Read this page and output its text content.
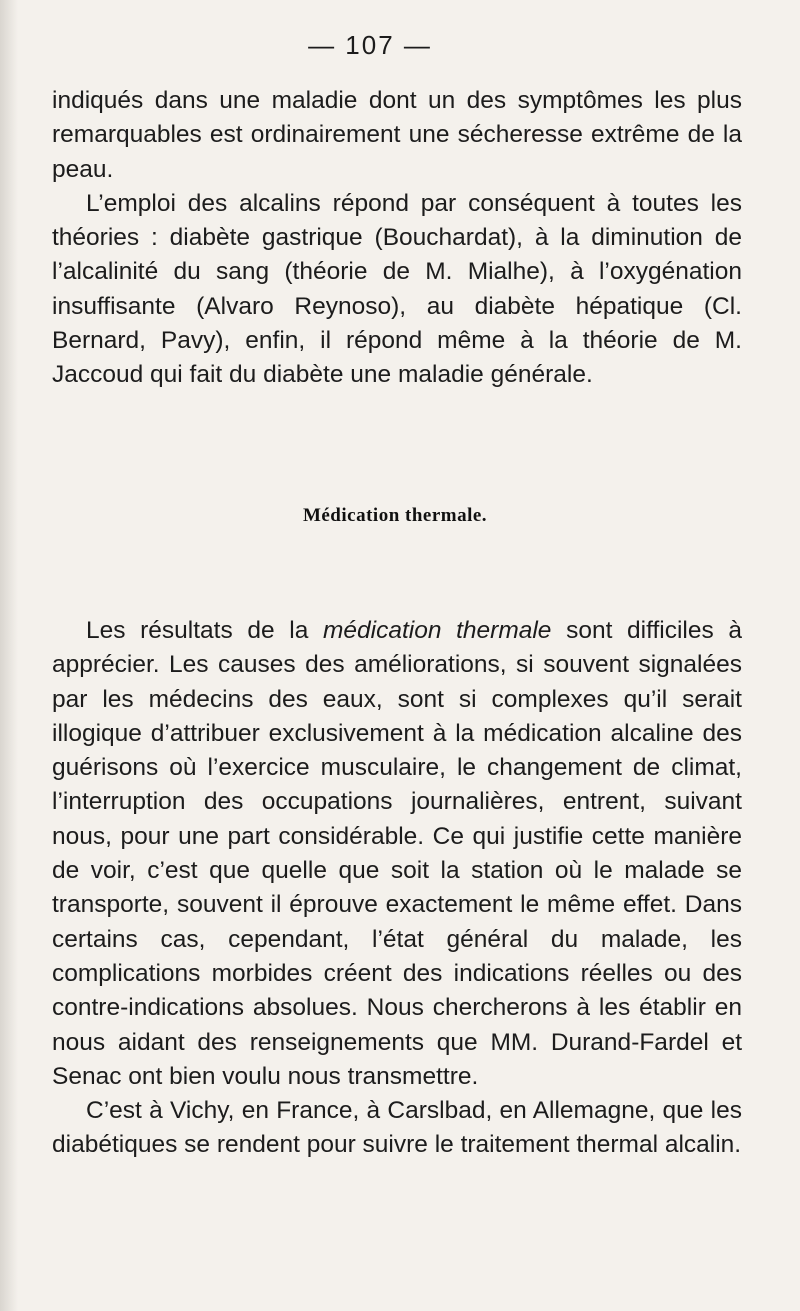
— 107 —

indiqués dans une maladie dont un des symptômes les plus remarquables est ordinairement une sécheresse extrême de la peau.

L’emploi des alcalins répond par conséquent à toutes les théories : diabète gastrique (Bouchardat), à la diminution de l’alcalinité du sang (théorie de M. Mialhe), à l’oxygénation insuffisante (Alvaro Reynoso), au diabète hépatique (Cl. Bernard, Pavy), enfin, il répond même à la théorie de M. Jaccoud qui fait du diabète une maladie générale.

Médication thermale.

Les résultats de la médication thermale sont difficiles à apprécier. Les causes des améliorations, si souvent signalées par les médecins des eaux, sont si complexes qu’il serait illogique d’attribuer exclusivement à la médication alcaline des guérisons où l’exercice musculaire, le changement de climat, l’interruption des occupations journalières, entrent, suivant nous, pour une part considérable. Ce qui justifie cette manière de voir, c’est que quelle que soit la station où le malade se transporte, souvent il éprouve exactement le même effet. Dans certains cas, cependant, l’état général du malade, les complications morbides créent des indications réelles ou des contre-indications absolues. Nous chercherons à les établir en nous aidant des renseignements que MM. Durand-Fardel et Senac ont bien voulu nous transmettre.

C’est à Vichy, en France, à Carslbad, en Allemagne, que les diabétiques se rendent pour suivre le traitement thermal alcalin.
